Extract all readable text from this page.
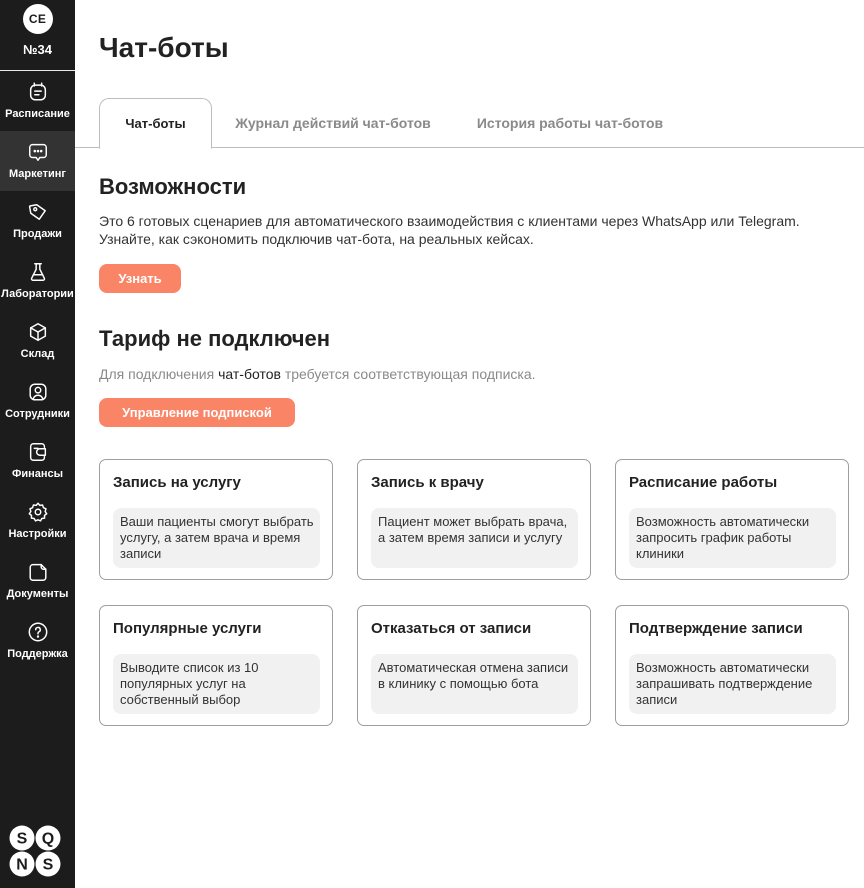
CE
№34
Расписание
Маркетинг
Продажи
Лаборатории
Склад
Сотрудники
Финансы
Настройки
Документы
Поддержка
S Q
N S
Чат-боты
Чат-боты	Журнал действий чат-ботов	История работы чат-ботов
Возможности
Это 6 готовых сценариев для автоматического взаимодействия с клиентами через WhatsApp или Telegram.
Узнайте, как сэкономить подключив чат-бота, на реальных кейсах.
Узнать
Тариф не подключен
Для подключения чат-ботов требуется соответствующая подписка.
Управление подпиской
Запись на услугу
Ваши пациенты смогут выбрать услугу, а затем врача и время записи
Запись к врачу
Пациент может выбрать врача, а затем время записи и услугу
Расписание работы
Возможность автоматически запросить график работы клиники
Популярные услуги
Выводите список из 10 популярных услуг на собственный выбор
Отказаться от записи
Автоматическая отмена записи в клинику с помощью бота
Подтверждение записи
Возможность автоматически запрашивать подтверждение записи
